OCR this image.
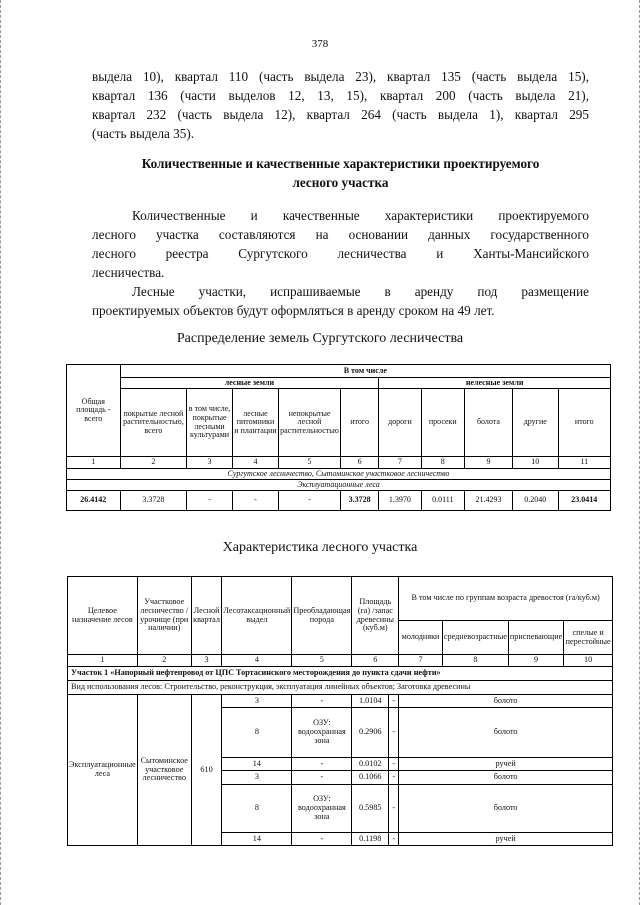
378

выдела 10), квартал 110 (часть выдела 23), квартал 135 (часть выдела 15),
квартал 136 (части выделов 12, 13, 15), квартал 200 (часть выдела 21),
квартал 232 (часть выдела 12), квартал 264 (часть выдела 1), квартал 295
(часть выдела 35).

Количественные и качественные характеристики проектируемого
лесного участка

Количественные и качественные характеристики проектируемого
лесного участка составляются на основании данных государственного
лесного реестра Сургутского лесничества и Ханты-Мансийского
лесничества.

Лесные участки, испрашиваемые в аренду под размещение
проектируемых объектов будут оформляться в аренду сроком на 49 лет.

Распределение земель Сургутского лесничества
Общая площадь - всего	В том числе									
	лесные земли					нелесные земли				
	покрытые лесной растительностью, всего	в том числе, покрытые лесными культурами	лесные питомники и плантации	непокрытые лесной растительностью	итого	дороги	просеки	болота	другие	итого
1	2	3	4	5	6	7	8	9	10	11
Сургутское лесничество, Сытоминское участковое лесничество										
Эксплуатационные леса										
26.4142	3.3728	-	-	-	3.3728	1.3970	0.0111	21.4293	0.2040	23.0414
Характеристика лесного участка
Целевое назначение лесов	Участковое лесничество /урочище (при наличии)	Лесной квартал	Лесотаксационный выдел	Преобладающая порода	Площадь (га) /запас древесины (куб.м)		В том числе по группам возраста древостоя (га/куб.м)			
							молодняки	средневозрастные	приспевающие	спелые и перестойные
1	2	3	4	5	6		7	8	9	10
Участок 1 «Напорный нефтепровод от ЦПС Тортасинского месторождения до пункта сдачи нефти»										
Вид использования лесов: Строительство, реконструкция, эксплуатация линейных объектов; Заготовка древесины										
Эксплуатационные леса	Сытоминское участковое лесничество	610	3	-	1.0104	-	болото			
			8	ОЗУ: водоохранная зона	0.2906	-	болото			
			14	-	0.0102	-	ручей			
			3	-	0.1066	-	болото			
			8	ОЗУ: водоохранная зона	0.5985	-	болото			
			14	-	0.1198	-	ручей			
